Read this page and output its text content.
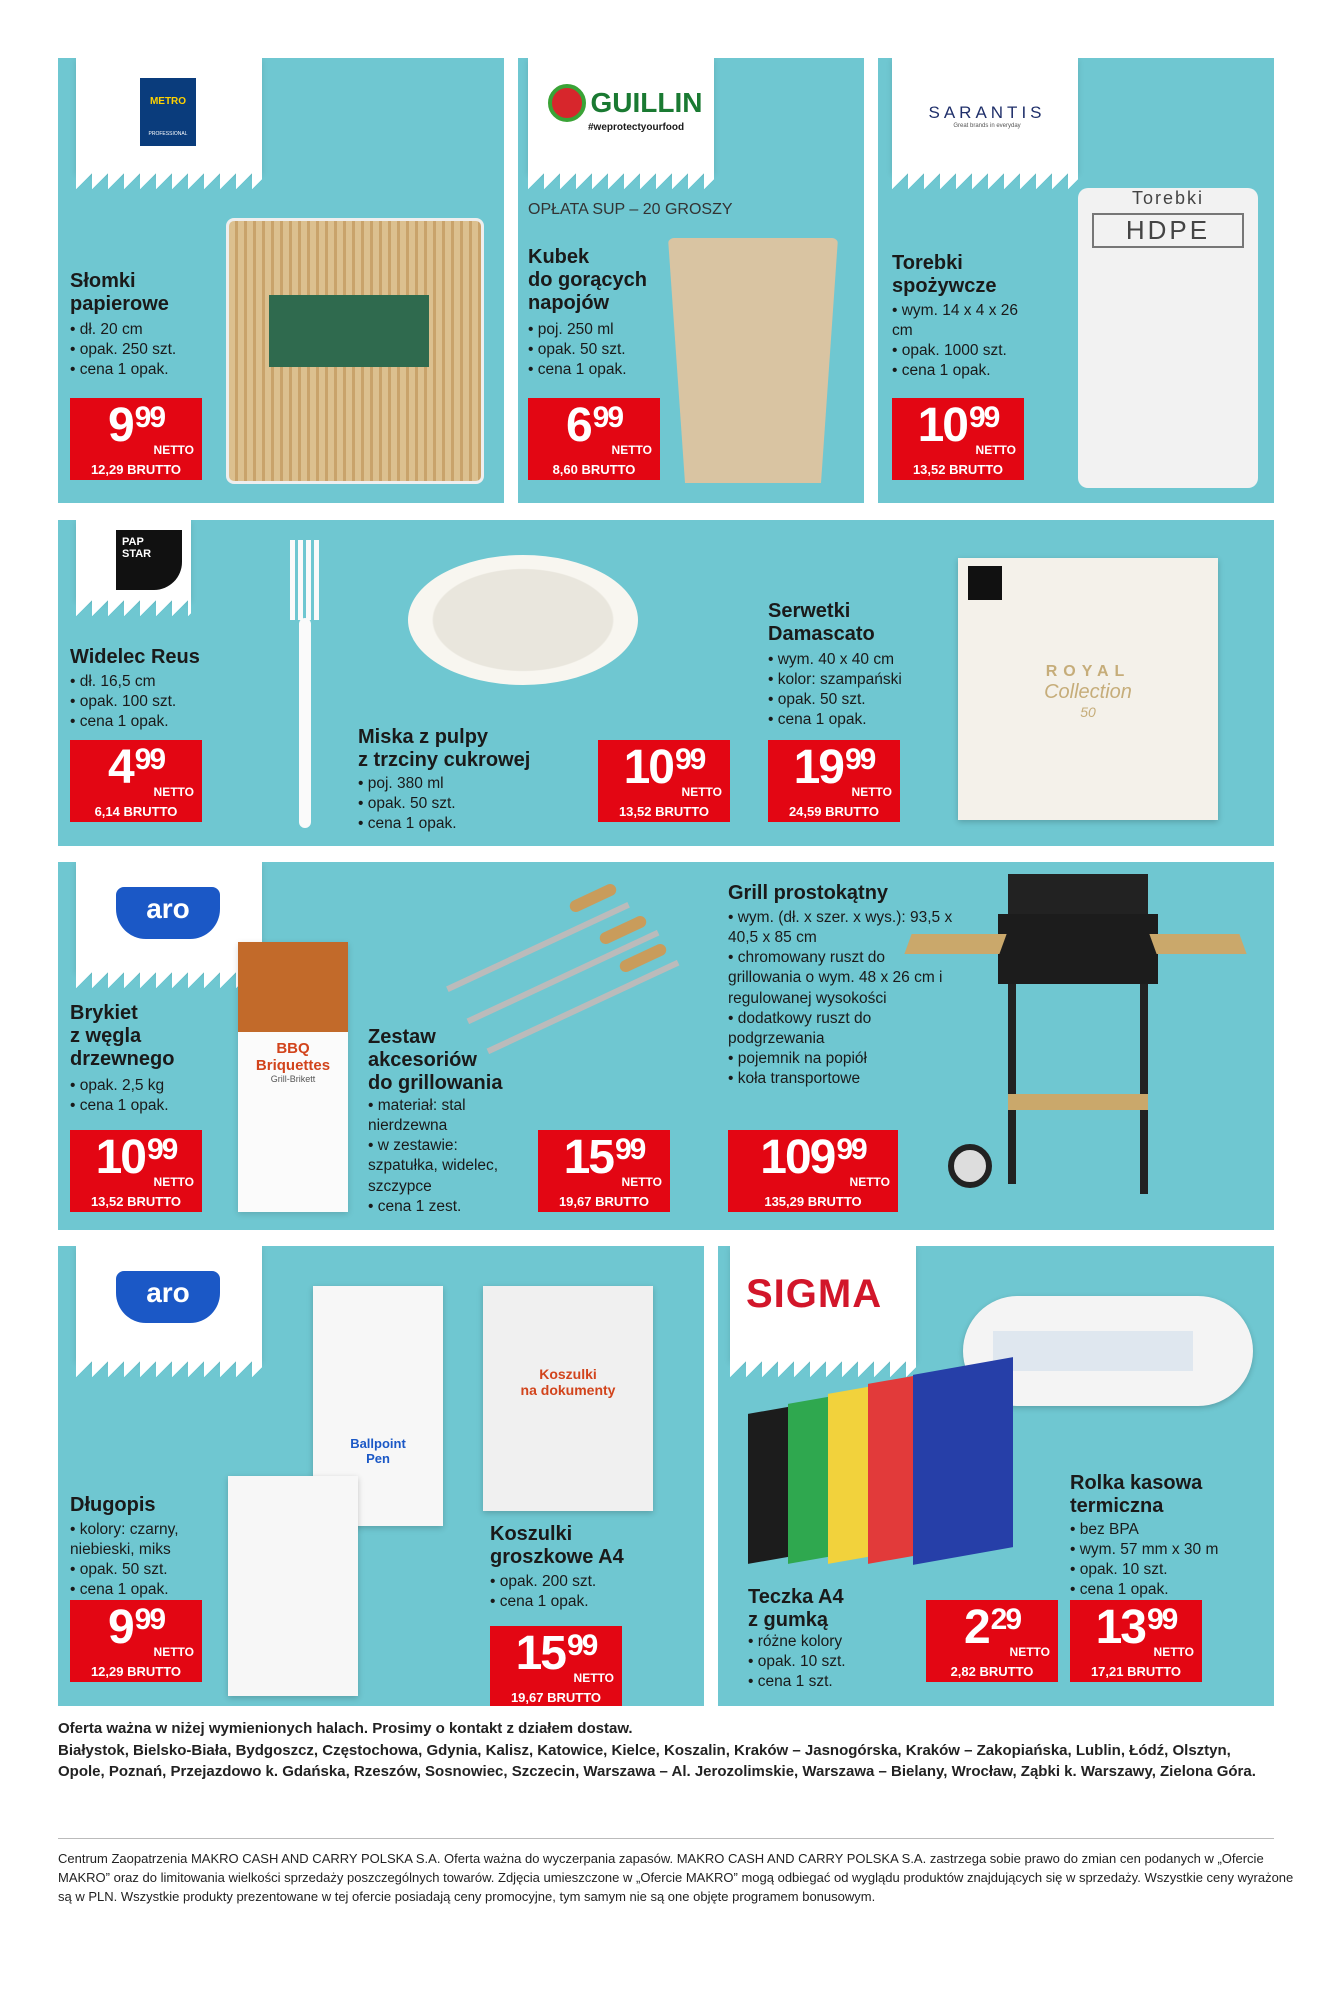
METRO
PROFESSIONAL
Słomki
papierowe
• dł. 20 cm
• opak. 250 szt.
• cena 1 opak.
$9^{99}$
NETTO
12,29 BRUTTO
GUILLIN
#weprotectyourfood
OPŁATA SUP – 20 GROSZY
Kubek
do gorących
napojów
• poj. 250 ml
• opak. 50 szt.
• cena 1 opak.
$6^{99}$
NETTO
8,60 BRUTTO
SARANTIS
Great brands in everyday
Torebki
spożywcze
• wym. 14 x 4 x 26 cm
• opak. 1000 szt.
• cena 1 opak.
Torebki
HDPE
$10^{99}$
NETTO
13,52 BRUTTO
PAP
STAR
Widelec Reus
• dł. 16,5 cm
• opak. 100 szt.
• cena 1 opak.
$4^{99}$
NETTO
6,14 BRUTTO
Miska z pulpy
z trzciny cukrowej
• poj. 380 ml
• opak. 50 szt.
• cena 1 opak.
$10^{99}$
NETTO
13,52 BRUTTO
Serwetki
Damascato
• wym. 40 x 40 cm
• kolor: szampański
• opak. 50 szt.
• cena 1 opak.
ROYAL
Collection
50
$19^{99}$
NETTO
24,59 BRUTTO
aro
Brykiet
z węgla
drzewnego
• opak. 2,5 kg
• cena 1 opak.
BBQ
Briquettes
Grill-Brikett
$10^{99}$
NETTO
13,52 BRUTTO
Zestaw
akcesoriów
do grillowania
• materiał: stal nierdzewna
• w zestawie: szpatułka, widelec, szczypce
• cena 1 zest.
$15^{99}$
NETTO
19,67 BRUTTO
Grill prostokątny
• wym. (dł. x szer. x wys.): 93,5 x 40,5 x 85 cm
• chromowany ruszt do grillowania o wym. 48 x 26 cm i regulowanej wysokości
• dodatkowy ruszt do podgrzewania
• pojemnik na popiół
• koła transportowe
$109^{99}$
NETTO
135,29 BRUTTO
aro
Ballpoint
Pen
Długopis
• kolory: czarny, niebieski, miks
• opak. 50 szt.
• cena 1 opak.
$9^{99}$
NETTO
12,29 BRUTTO
Koszulki
na dokumenty
Koszulki
groszkowe A4
• opak. 200 szt.
• cena 1 opak.
$15^{99}$
NETTO
19,67 BRUTTO
SIGMA
Teczka A4
z gumką
• różne kolory
• opak. 10 szt.
• cena 1 szt.
$2^{29}$
NETTO
2,82 BRUTTO
Rolka kasowa
termiczna
• bez BPA
• wym. 57 mm x 30 m
• opak. 10 szt.
• cena 1 opak.
$13^{99}$
NETTO
17,21 BRUTTO

Oferta ważna w niżej wymienionych halach. Prosimy o kontakt z działem dostaw.

Białystok, Bielsko-Biała, Bydgoszcz, Częstochowa, Gdynia, Kalisz, Katowice, Kielce, Koszalin, Kraków – Jasnogórska, Kraków – Zakopiańska, Lublin, Łódź, Olsztyn, Opole, Poznań, Przejazdowo k. Gdańska, Rzeszów, Sosnowiec, Szczecin, Warszawa – Al. Jerozolimskie, Warszawa – Bielany, Wrocław, Ząbki k. Warszawy, Zielona Góra.

Centrum Zaopatrzenia MAKRO CASH AND CARRY POLSKA S.A. Oferta ważna do wyczerpania zapasów. MAKRO CASH AND CARRY POLSKA S.A. zastrzega sobie prawo do zmian cen podanych w „Ofercie MAKRO” oraz do limitowania wielkości sprzedaży poszczególnych towarów. Zdjęcia umieszczone w „Ofercie MAKRO” mogą odbiegać od wyglądu produktów znajdujących się w sprzedaży. Wszystkie ceny wyrażone są w PLN. Wszystkie produkty prezentowane w tej ofercie posiadają ceny promocyjne, tym samym nie są one objęte programem bonusowym.
